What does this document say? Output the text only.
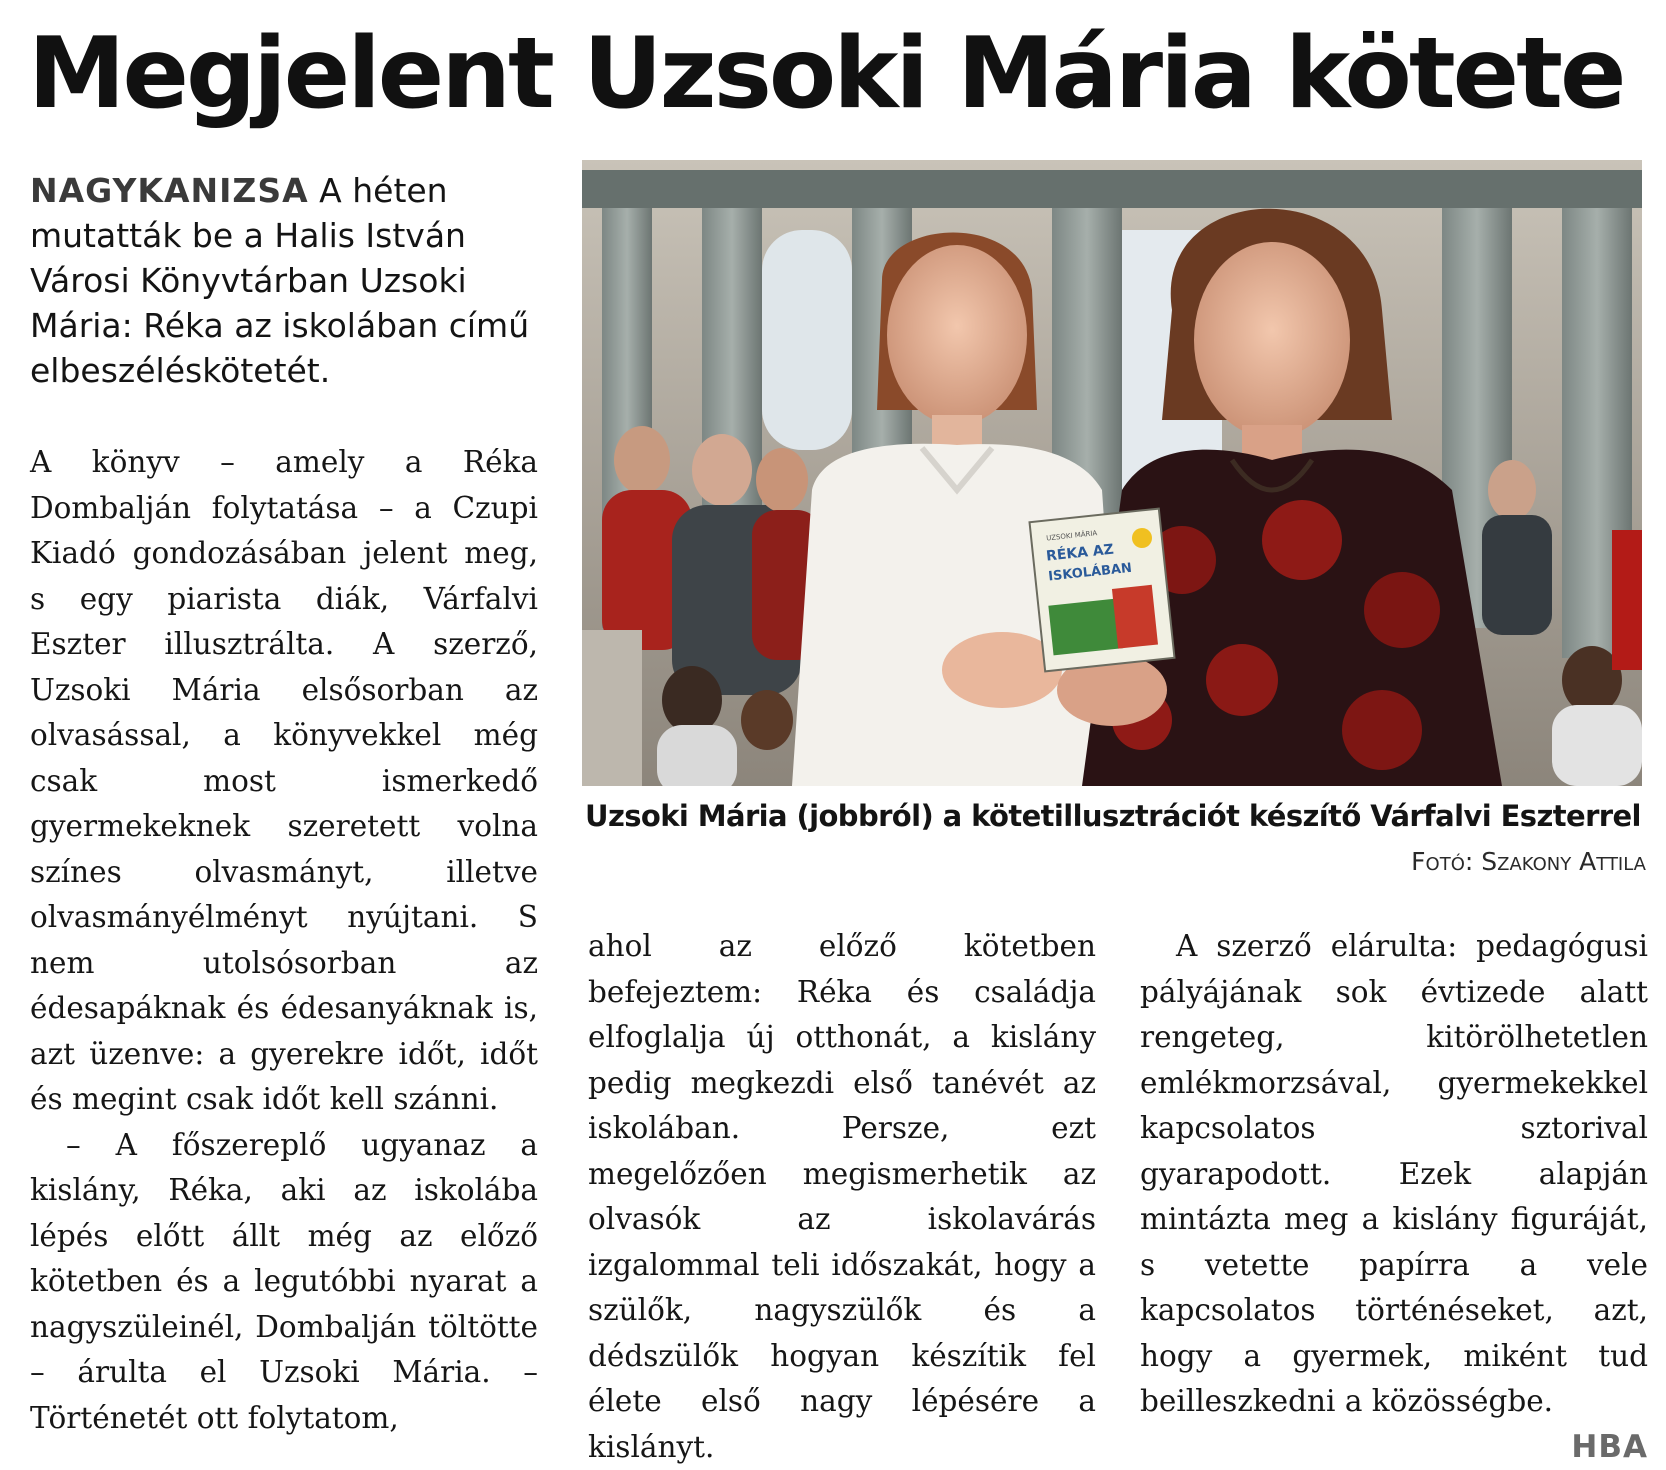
Megjelent Uzsoki Mária kötete

NAGYKANIZSA A héten mutatták be a Halis István Városi Könyvtárban Uzsoki Mária: Réka az iskolában című elbeszéléskötetét.

A könyv – amely a Réka Dombalján folytatása – a Czupi Kiadó gondozásában jelent meg, s egy piarista diák, Várfalvi Eszter illusztrálta. A szerző, Uzsoki Mária elsősorban az olvasással, a könyvekkel még csak most ismerkedő gyermekeknek szeretett volna színes olvasmányt, illetve olvasmányélményt nyújtani. S nem utolsósorban az édesapáknak és édesanyáknak is, azt üzenve: a gyerekre időt, időt és megint csak időt kell szánni.

– A főszereplő ugyanaz a kislány, Réka, aki az iskolába lépés előtt állt még az előző kötetben és a legutóbbi nyarat a nagyszüleinél, Dombalján töltötte – árulta el Uzsoki Mária. – Történetét ott folytatom,

UZSOKI MÁRIA
RÉKA AZ
ISKOLÁBAN

Uzsoki Mária (jobbról) a kötetillusztrációt készítő Várfalvi Eszterrel

Fotó: Szakony Attila

ahol az előző kötetben befejeztem: Réka és családja elfoglalja új otthonát, a kislány pedig megkezdi első tanévét az iskolában. Persze, ezt megelőzően megismerhetik az olvasók az iskolavárás izgalommal teli időszakát, hogy a szülők, nagyszülők és a dédszülők hogyan készítik fel élete első nagy lépésére a kislányt.

A szerző elárulta: pedagógusi pályájának sok évtizede alatt rengeteg, kitörölhetetlen emlékmorzsával, gyermekekkel kapcsolatos sztorival gyarapodott. Ezek alapján mintázta meg a kislány figuráját, s vetette papírra a vele kapcsolatos történéseket, azt, hogy a gyermek, miként tud beilleszkedni a közösségbe.
HBA
